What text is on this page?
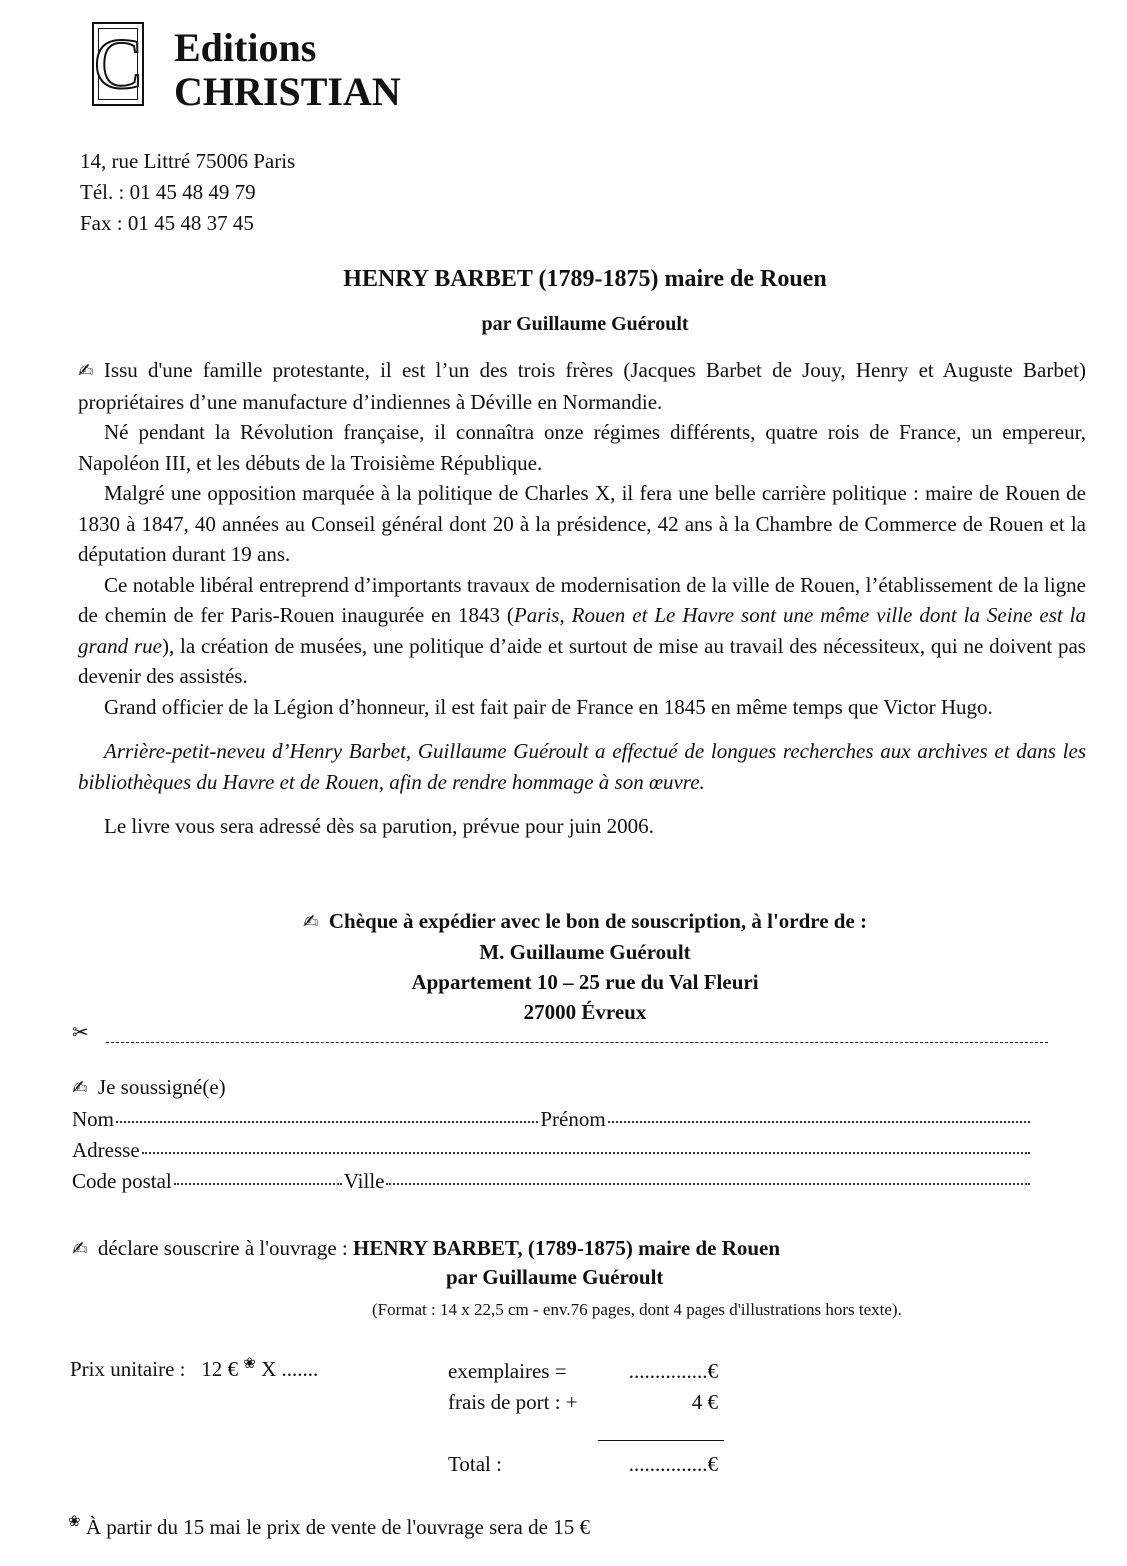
C Editions
CHRISTIAN
14, rue Littré 75006 Paris
Tél. : 01 45 48 49 79
Fax : 01 45 48 37 45
HENRY BARBET (1789-1875) maire de Rouen
par Guillaume Guéroult

✍ Issu d'une famille protestante, il est l’un des trois frères (Jacques Barbet de Jouy, Henry et Auguste Barbet) propriétaires d’une manufacture d’indiennes à Déville en Normandie.

Né pendant la Révolution française, il connaîtra onze régimes différents, quatre rois de France, un empereur, Napoléon III, et les débuts de la Troisième République.

Malgré une opposition marquée à la politique de Charles X, il fera une belle carrière politique : maire de Rouen de 1830 à 1847, 40 années au Conseil général dont 20 à la présidence, 42 ans à la Chambre de Commerce de Rouen et la députation durant 19 ans.

Ce notable libéral entreprend d’importants travaux de modernisation de la ville de Rouen, l’établissement de la ligne de chemin de fer Paris-Rouen inaugurée en 1843 (Paris, Rouen et Le Havre sont une même ville dont la Seine est la grand rue), la création de musées, une politique d’aide et surtout de mise au travail des nécessiteux, qui ne doivent pas devenir des assistés.

Grand officier de la Légion d’honneur, il est fait pair de France en 1845 en même temps que Victor Hugo.

Arrière-petit-neveu d’Henry Barbet, Guillaume Guéroult a effectué de longues recherches aux archives et dans les bibliothèques du Havre et de Rouen, afin de rendre hommage à son œuvre.

Le livre vous sera adressé dès sa parution, prévue pour juin 2006.

✍ Chèque à expédier avec le bon de souscription, à l'ordre de :
M. Guillaume Guéroult
Appartement 10 – 25 rue du Val Fleuri
27000 Évreux
✂
✍ Je soussigné(e)
Nom	Prénom
Adresse
Code postal	Ville
✍ déclare souscrire à l'ouvrage : HENRY BARBET, (1789-1875) maire de Rouen
par Guillaume Guéroult
(Format : 14 x 22,5 cm - env.76 pages, dont 4 pages d'illustrations hors texte).
Prix unitaire : 12 € ❀ X .......	exemplaires =	...............€
frais de port : +	4 €
Total :	...............€
❀ À partir du 15 mai le prix de vente de l'ouvrage sera de 15 €
